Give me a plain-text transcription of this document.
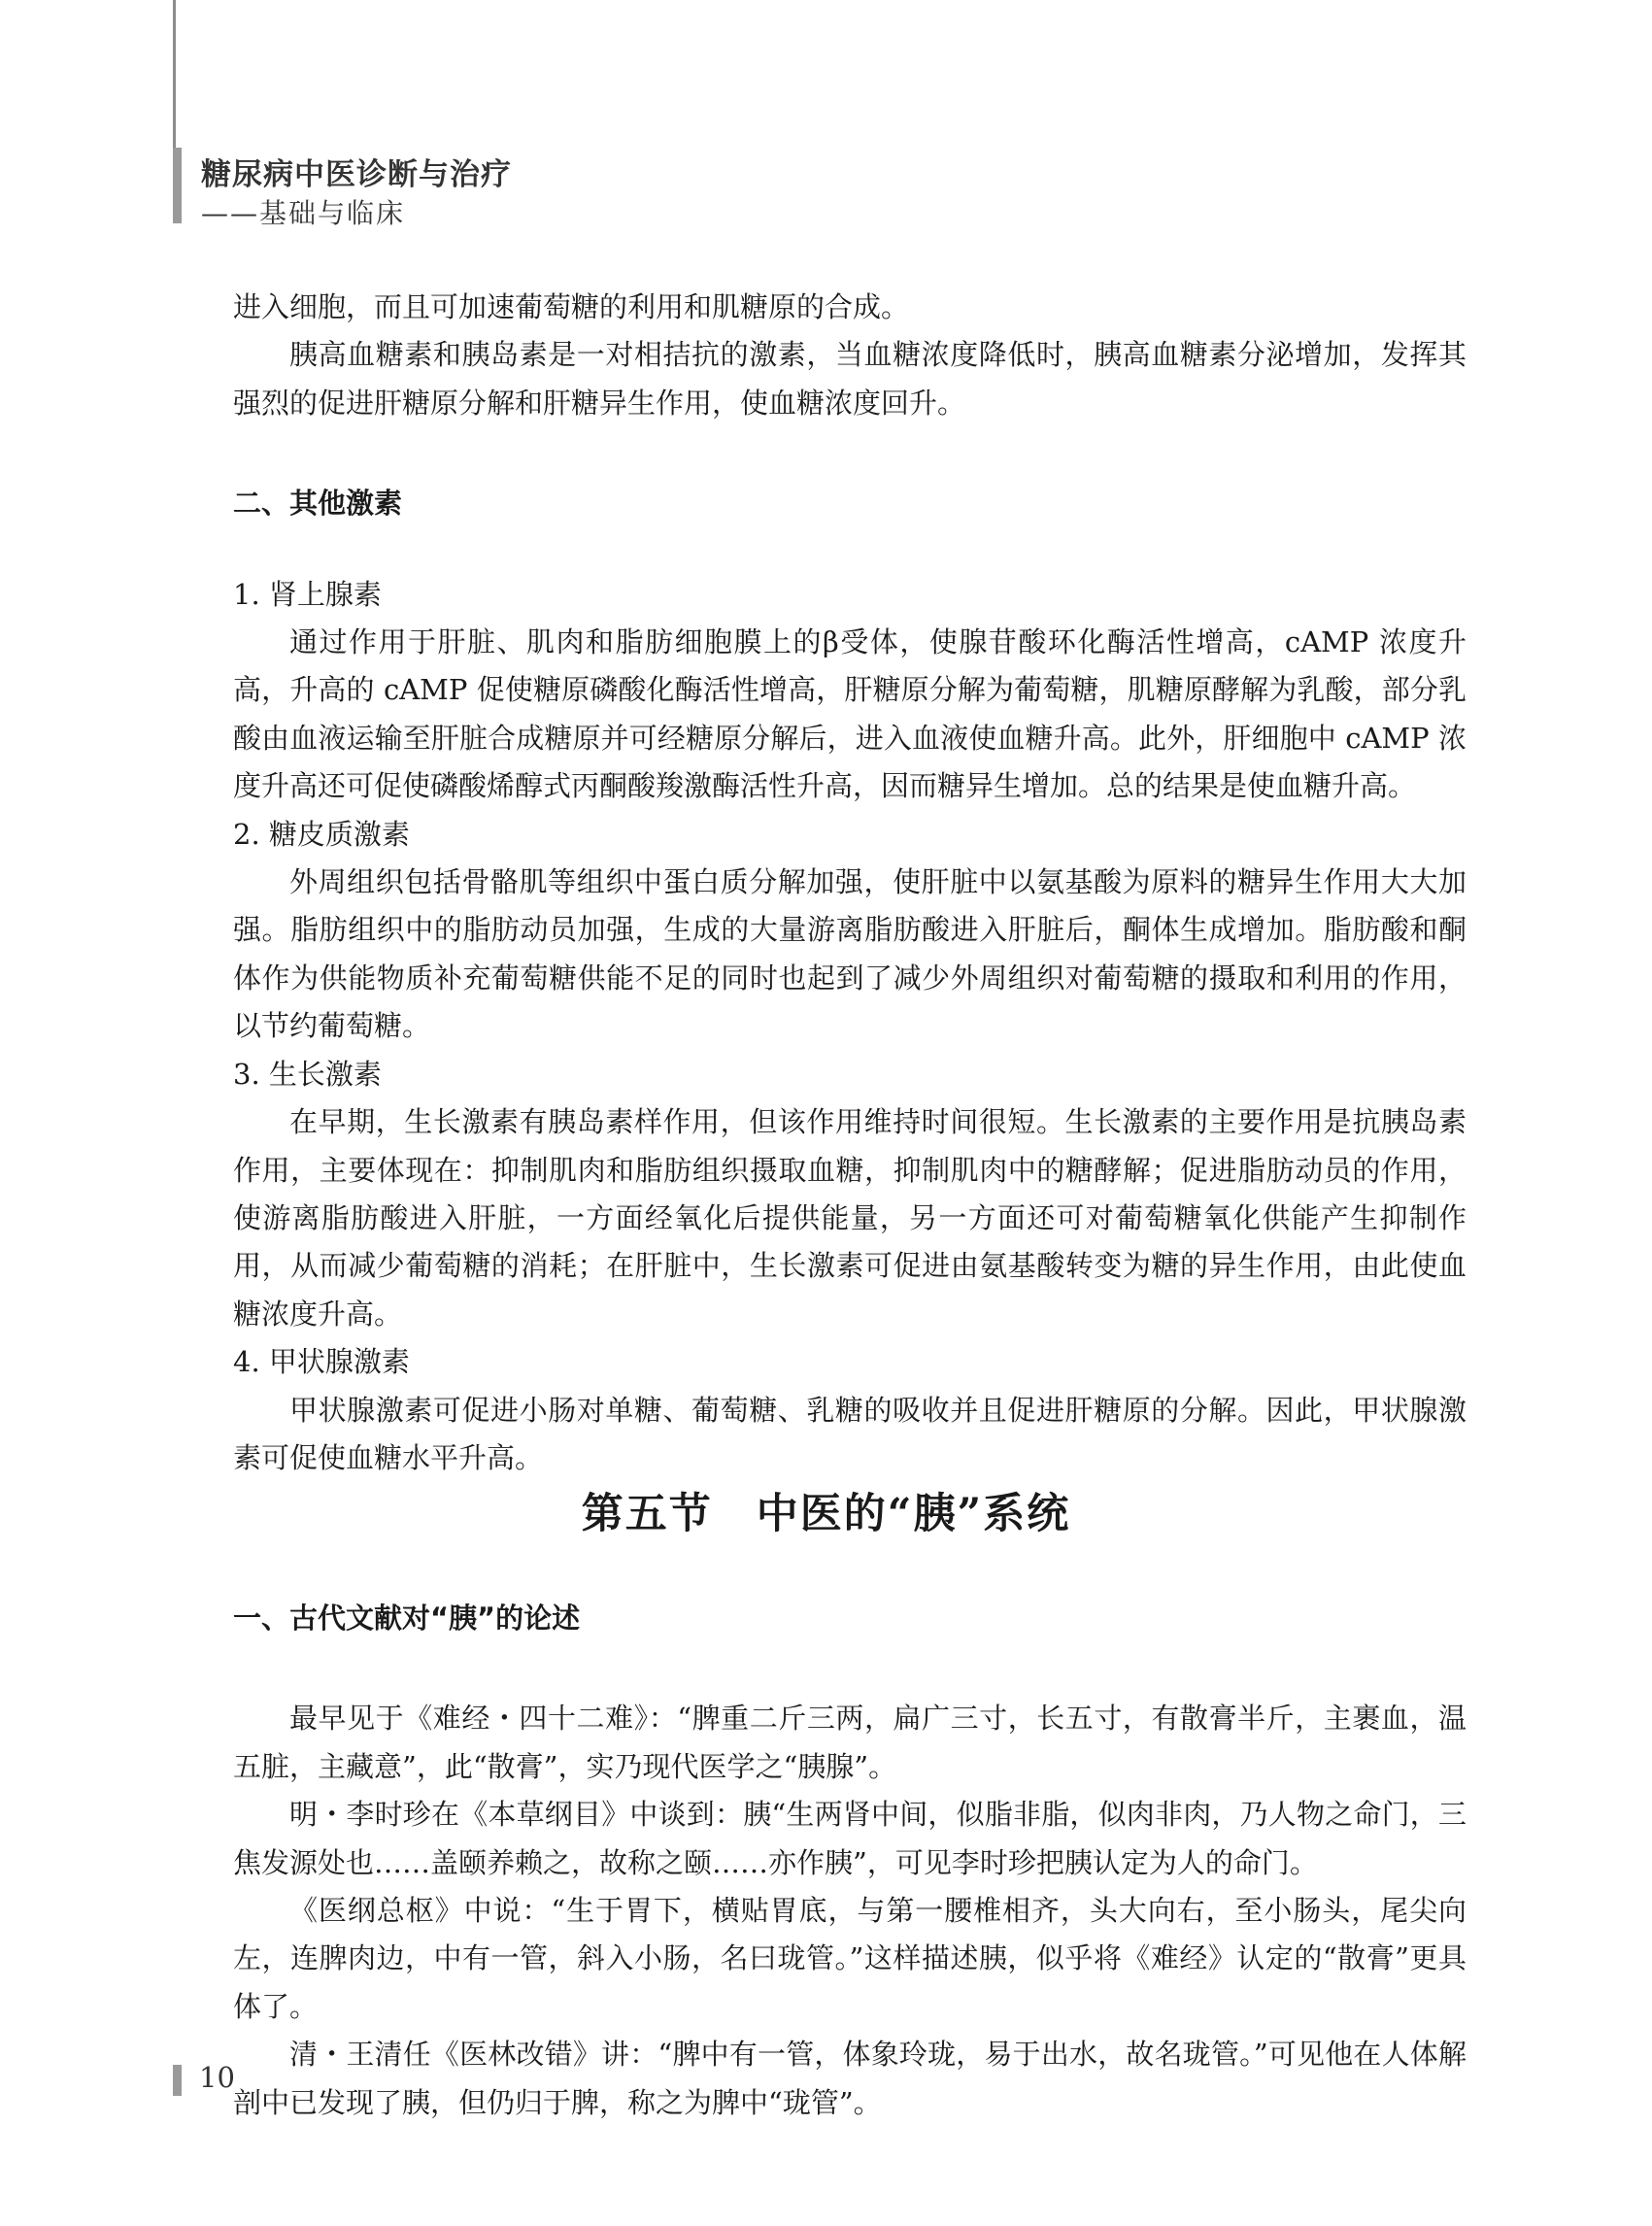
糖尿病中医诊断与治疗
——基础与临床

进入细胞，而且可加速葡萄糖的利用和肌糖原的合成。

胰高血糖素和胰岛素是一对相拮抗的激素，当血糖浓度降低时，胰高血糖素分泌增加，发挥其强烈的促进肝糖原分解和肝糖异生作用，使血糖浓度回升。

二、其他激素

1. 肾上腺素

通过作用于肝脏、肌肉和脂肪细胞膜上的β受体，使腺苷酸环化酶活性增高，cAMP 浓度升高，升高的 cAMP 促使糖原磷酸化酶活性增高，肝糖原分解为葡萄糖，肌糖原酵解为乳酸，部分乳酸由血液运输至肝脏合成糖原并可经糖原分解后，进入血液使血糖升高。此外，肝细胞中 cAMP 浓度升高还可促使磷酸烯醇式丙酮酸羧激酶活性升高，因而糖异生增加。总的结果是使血糖升高。

2. 糖皮质激素

外周组织包括骨骼肌等组织中蛋白质分解加强，使肝脏中以氨基酸为原料的糖异生作用大大加强。脂肪组织中的脂肪动员加强，生成的大量游离脂肪酸进入肝脏后，酮体生成增加。脂肪酸和酮体作为供能物质补充葡萄糖供能不足的同时也起到了减少外周组织对葡萄糖的摄取和利用的作用，以节约葡萄糖。

3. 生长激素

在早期，生长激素有胰岛素样作用，但该作用维持时间很短。生长激素的主要作用是抗胰岛素作用，主要体现在：抑制肌肉和脂肪组织摄取血糖，抑制肌肉中的糖酵解；促进脂肪动员的作用，使游离脂肪酸进入肝脏，一方面经氧化后提供能量，另一方面还可对葡萄糖氧化供能产生抑制作用，从而减少葡萄糖的消耗；在肝脏中，生长激素可促进由氨基酸转变为糖的异生作用，由此使血糖浓度升高。

4. 甲状腺激素

甲状腺激素可促进小肠对单糖、葡萄糖、乳糖的吸收并且促进肝糖原的分解。因此，甲状腺激素可促使血糖水平升高。

第五节　中医的“胰”系统

一、古代文献对“胰”的论述

最早见于《难经・四十二难》：“脾重二斤三两，扁广三寸，长五寸，有散膏半斤，主裹血，温五脏，主藏意”，此“散膏”，实乃现代医学之“胰腺”。

明・李时珍在《本草纲目》中谈到：胰“生两肾中间，似脂非脂，似肉非肉，乃人物之命门，三焦发源处也……盖颐养赖之，故称之颐……亦作胰”，可见李时珍把胰认定为人的命门。

《医纲总枢》中说：“生于胃下，横贴胃底，与第一腰椎相齐，头大向右，至小肠头，尾尖向左，连脾肉边，中有一管，斜入小肠，名曰珑管。”这样描述胰，似乎将《难经》认定的“散膏”更具体了。

清・王清任《医林改错》讲：“脾中有一管，体象玲珑，易于出水，故名珑管。”可见他在人体解剖中已发现了胰，但仍归于脾，称之为脾中“珑管”。

10
